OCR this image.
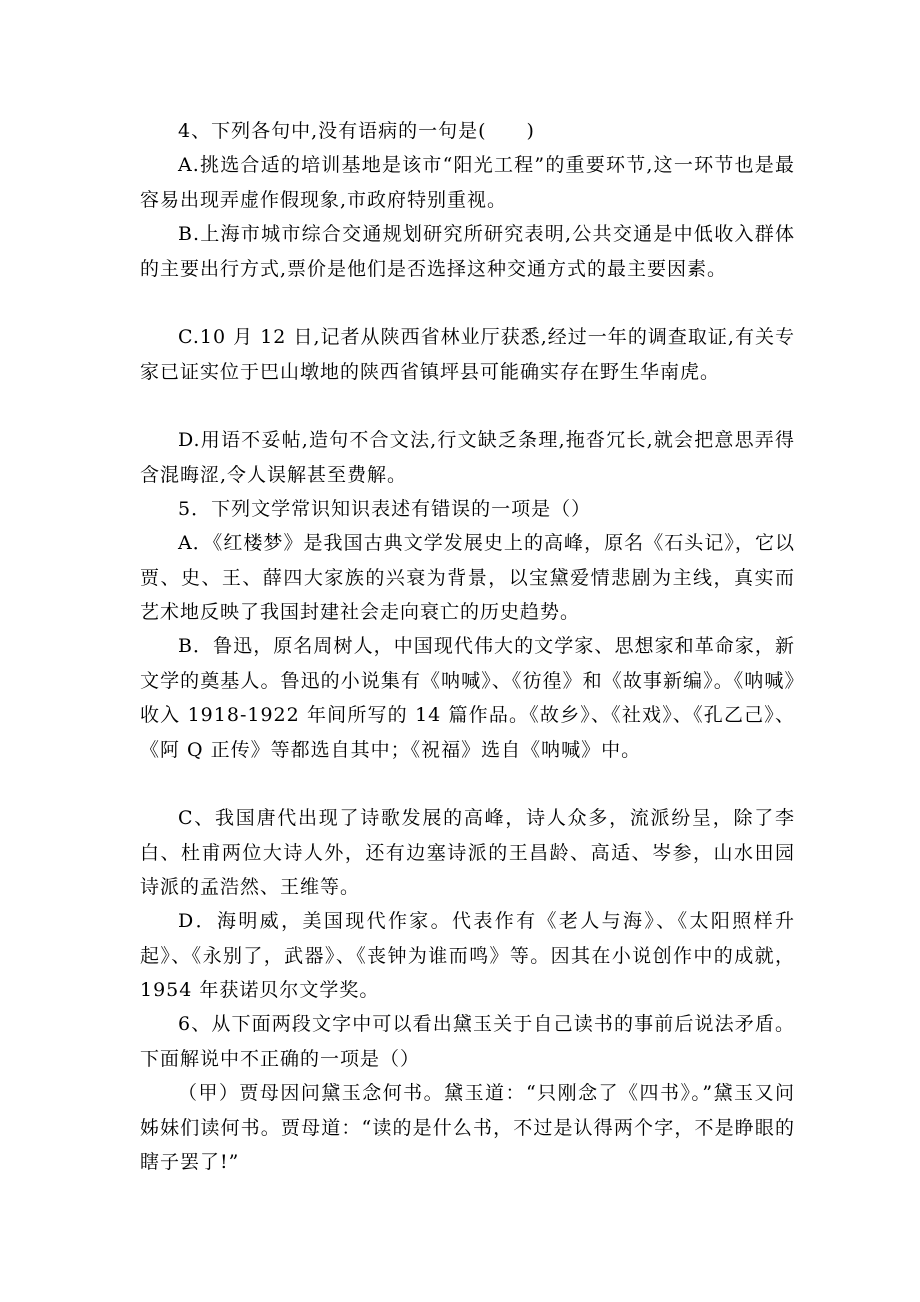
4、下列各句中,没有语病的一句是(　　)

A.挑选合适的培训基地是该市“阳光工程”的重要环节,这一环节也是最容易出现弄虚作假现象,市政府特别重视。

B.上海市城市综合交通规划研究所研究表明,公共交通是中低收入群体的主要出行方式,票价是他们是否选择这种交通方式的最主要因素。

C.10 月 12 日,记者从陕西省林业厅获悉,经过一年的调查取证,有关专家已证实位于巴山墩地的陕西省镇坪县可能确实存在野生华南虎。

D.用语不妥帖,造句不合文法,行文缺乏条理,拖沓冗长,就会把意思弄得含混晦涩,令人误解甚至费解。

5．下列文学常识知识表述有错误的一项是（）

A．《红楼梦》是我国古典文学发展史上的高峰，原名《石头记》，它以贾、史、王、薛四大家族的兴衰为背景，以宝黛爱情悲剧为主线，真实而艺术地反映了我国封建社会走向衰亡的历史趋势。

B．鲁迅，原名周树人，中国现代伟大的文学家、思想家和革命家，新文学的奠基人。鲁迅的小说集有《呐喊》、《彷徨》和《故事新编》。《呐喊》收入 1918-1922 年间所写的 14 篇作品。《故乡》、《社戏》、《孔乙己》、《阿 Q 正传》等都选自其中；《祝福》选自《呐喊》中。

C、我国唐代出现了诗歌发展的高峰，诗人众多，流派纷呈，除了李白、杜甫两位大诗人外，还有边塞诗派的王昌龄、高适、岑参，山水田园诗派的孟浩然、王维等。

D．海明威，美国现代作家。代表作有《老人与海》、《太阳照样升起》、《永别了，武器》、《丧钟为谁而鸣》等。因其在小说创作中的成就，1954 年获诺贝尔文学奖。

6、从下面两段文字中可以看出黛玉关于自己读书的事前后说法矛盾。下面解说中不正确的一项是（）

（甲）贾母因问黛玉念何书。黛玉道：“只刚念了《四书》。”黛玉又问姊妹们读何书。贾母道：“读的是什么书，不过是认得两个字，不是睁眼的瞎子罢了!”
